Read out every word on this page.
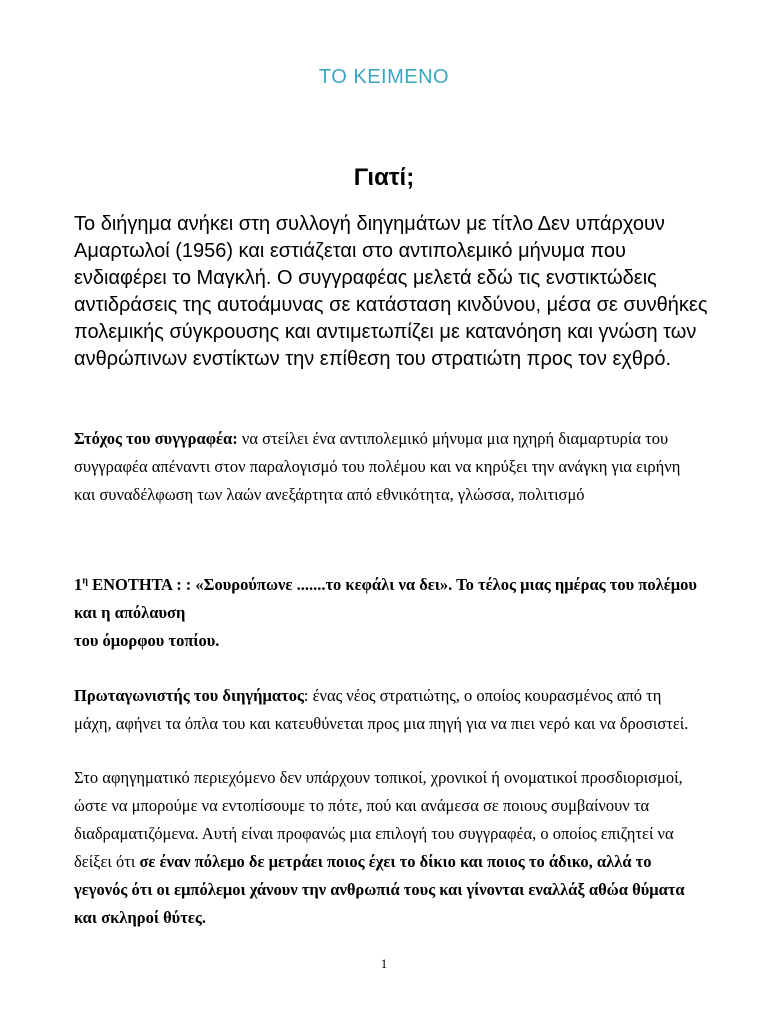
ΤΟ ΚΕΙΜΕΝΟ
Γιατί;
Το διήγημα ανήκει στη συλλογή διηγημάτων με τίτλο Δεν υπάρχουν Αμαρτωλοί (1956) και εστιάζεται στο αντιπολεμικό μήνυμα που ενδιαφέρει το Μαγκλή. Ο συγγραφέας μελετά εδώ τις ενστικτώδεις αντιδράσεις της αυτοάμυνας σε κατάσταση κινδύνου, μέσα σε συνθήκες πολεμικής σύγκρουσης και αντιμετωπίζει με κατανόηση και γνώση των ανθρώπινων ενστίκτων την επίθεση του στρατιώτη προς τον εχθρό.
Στόχος του συγγραφέα: να στείλει ένα αντιπολεμικό μήνυμα μια ηχηρή διαμαρτυρία του συγγραφέα απέναντι στον παραλογισμό του πολέμου και να κηρύξει την ανάγκη για ειρήνη και συναδέλφωση των λαών ανεξάρτητα από εθνικότητα, γλώσσα, πολιτισμό
$1^\eta$ ΕΝΟΤΗΤΑ : : «Σουρούπωνε .......το κεφάλι να δει». Το τέλος μιας ημέρας του πολέμου και η απόλαυση
του όμορφου τοπίου.
Πρωταγωνιστής του διηγήματος: ένας νέος στρατιώτης, ο οποίος κουρασμένος από τη μάχη, αφήνει τα όπλα του και κατευθύνεται προς μια πηγή για να πιει νερό και να δροσιστεί.
Στο αφηγηματικό περιεχόμενο δεν υπάρχουν τοπικοί, χρονικοί ή ονοματικοί προσδιορισμοί, ώστε να μπορούμε να εντοπίσουμε το πότε, πού και ανάμεσα σε ποιους συμβαίνουν τα διαδραματιζόμενα. Αυτή είναι προφανώς μια επιλογή του συγγραφέα, ο οποίος επιζητεί να δείξει ότι σε έναν πόλεμο δε μετράει ποιος έχει το δίκιο και ποιος το άδικο, αλλά το γεγονός ότι οι εμπόλεμοι χάνουν την ανθρωπιά τους και γίνονται εναλλάξ αθώα θύματα και σκληροί θύτες.
1
